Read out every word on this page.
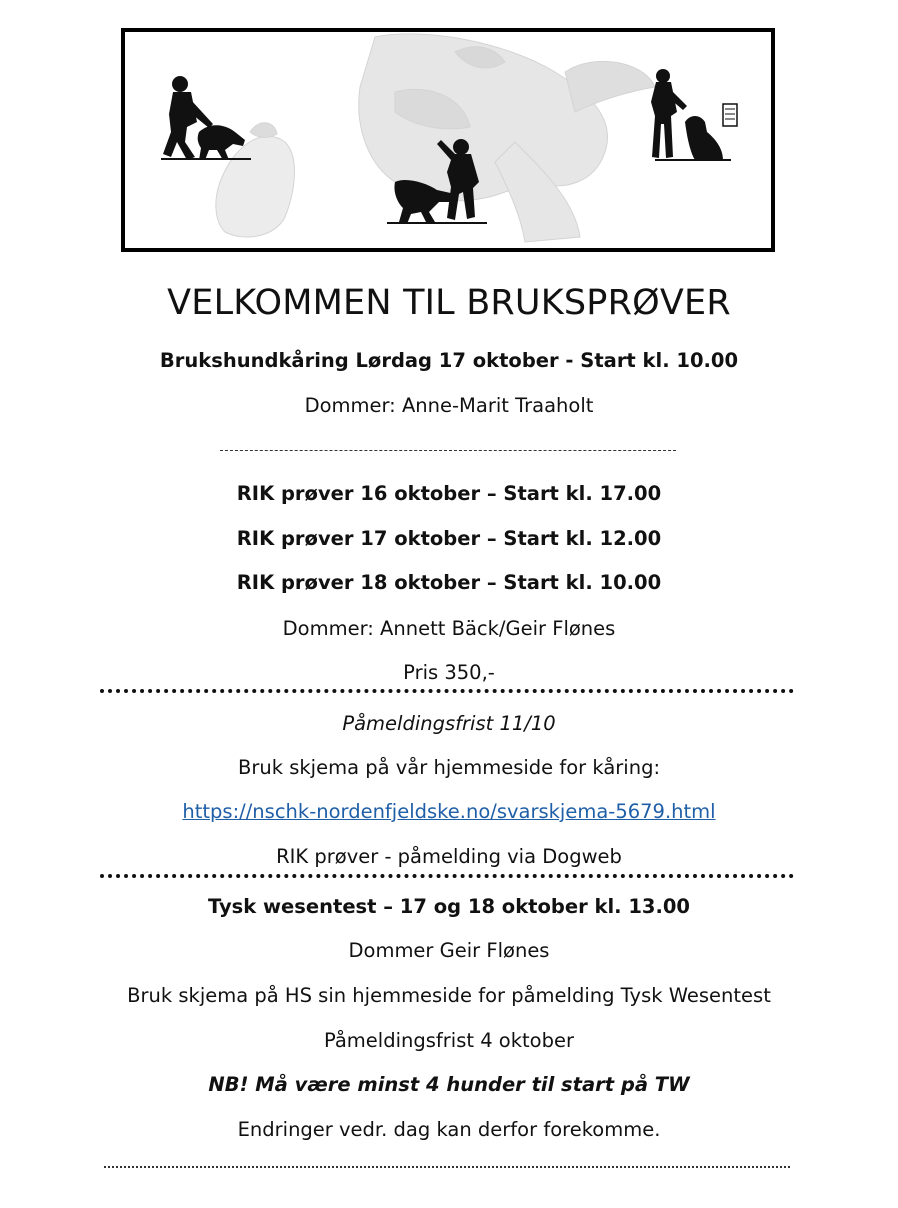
VELKOMMEN TIL BRUKSPRØVER
Brukshundkåring Lørdag 17 oktober - Start kl. 10.00
Dommer: Anne-Marit Traaholt
RIK prøver 16 oktober – Start kl. 17.00
RIK prøver 17 oktober – Start kl. 12.00
RIK prøver 18 oktober – Start kl. 10.00
Dommer: Annett Bäck/Geir Flønes
Pris 350,-
Påmeldingsfrist 11/10
Bruk skjema på vår hjemmeside for kåring:
https://nschk-nordenfjeldske.no/svarskjema-5679.html
RIK prøver - påmelding via Dogweb
Tysk wesentest – 17 og 18 oktober kl. 13.00
Dommer Geir Flønes
Bruk skjema på HS sin hjemmeside for påmelding Tysk Wesentest
Påmeldingsfrist 4 oktober
NB! Må være minst 4 hunder til start på TW
Endringer vedr. dag kan derfor forekomme.
